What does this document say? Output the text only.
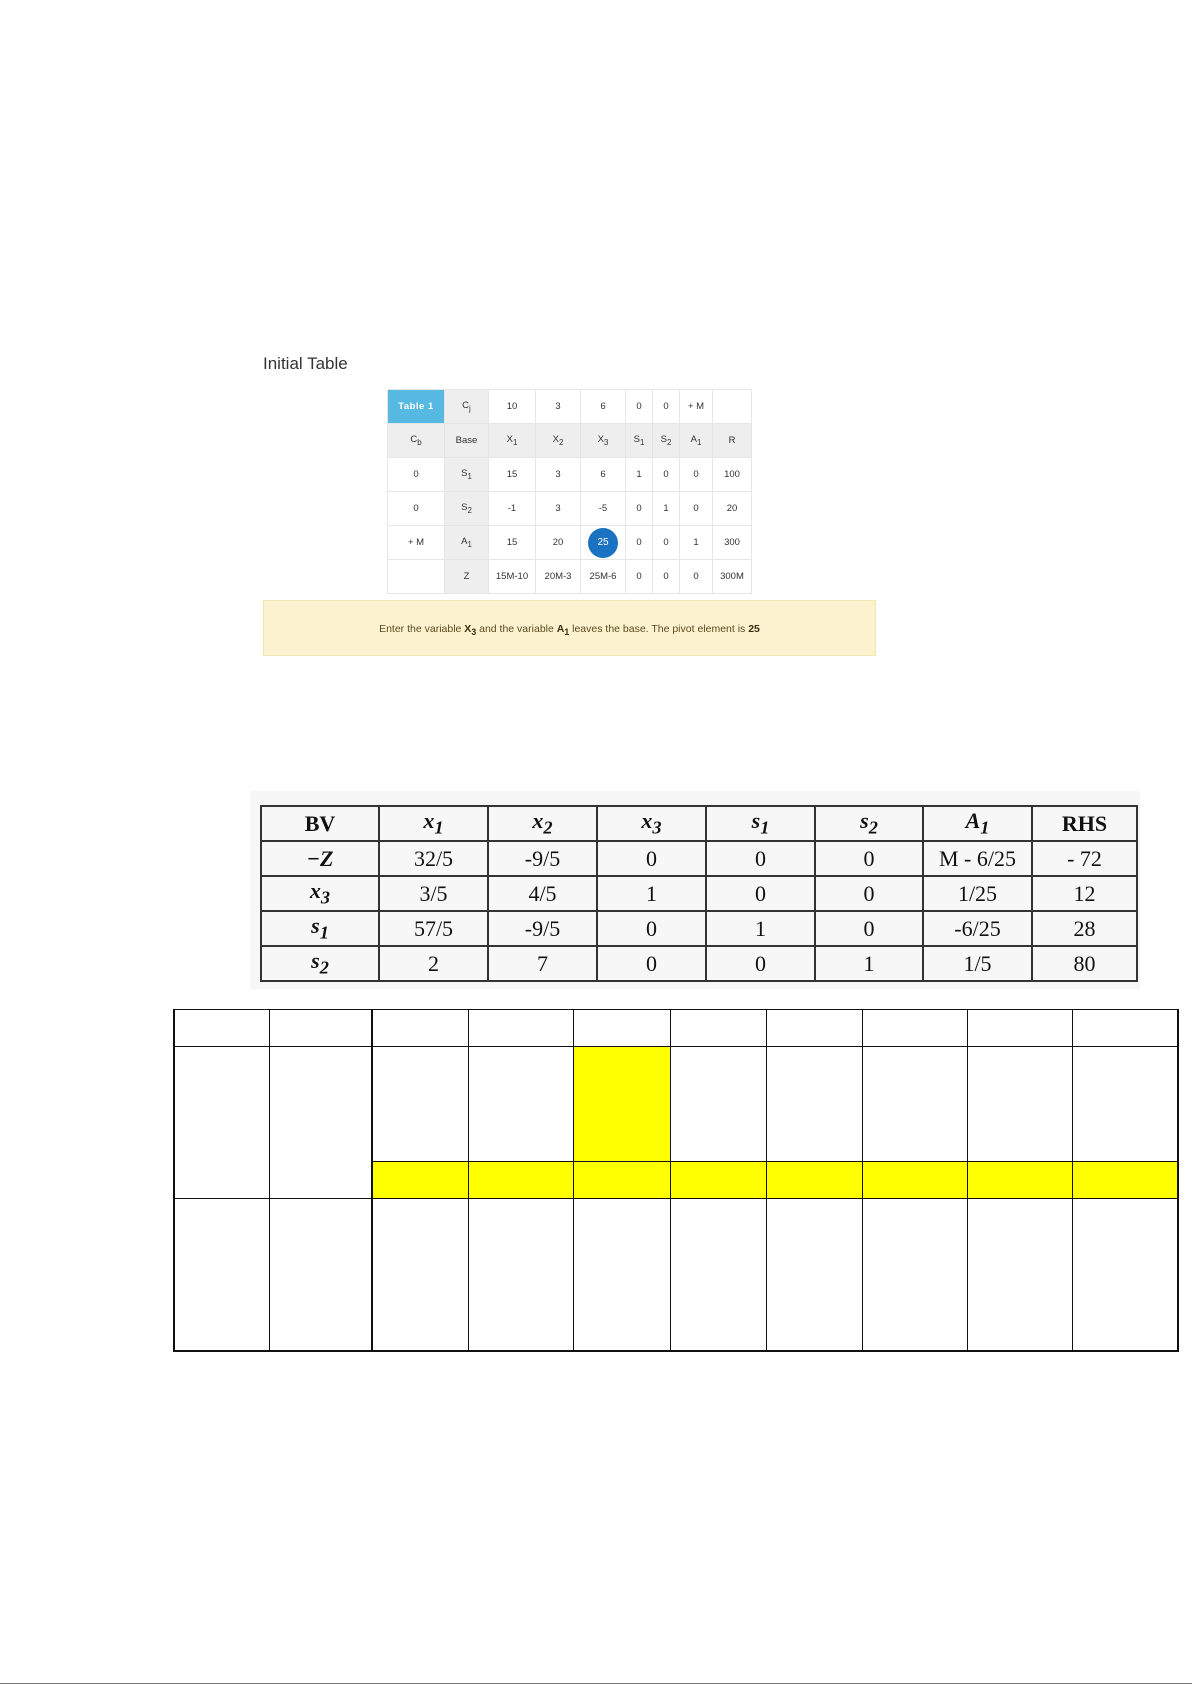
Initial Table
Table 1	$C_j$	10	3	6	0	0	+ M	
$C_b$	Base	$X_1$	$X_2$	$X_3$	$S_1$	$S_2$	$A_1$	R
0	$S_1$	15	3	6	1	0	0	100
0	$S_2$	-1	3	-5	0	1	0	20
+ M	$A_1$	15	20	25	0	0	1	300
	Z	15M-10	20M-3	25M-6	0	0	0	300M
Enter the variable $X_3$ and the variable $A_1$ leaves the base. The pivot element is 25
BV	$x_1$	$x_2$	$x_3$	$s_1$	$s_2$	$A_1$	RHS
−Z	32/5	-9/5	0	0	0	M - 6/25	- 72
$x_3$	3/5	4/5	1	0	0	1/25	12
$s_1$	57/5	-9/5	0	1	0	-6/25	28
$s_2$	2	7	0	0	1	1/5	80
